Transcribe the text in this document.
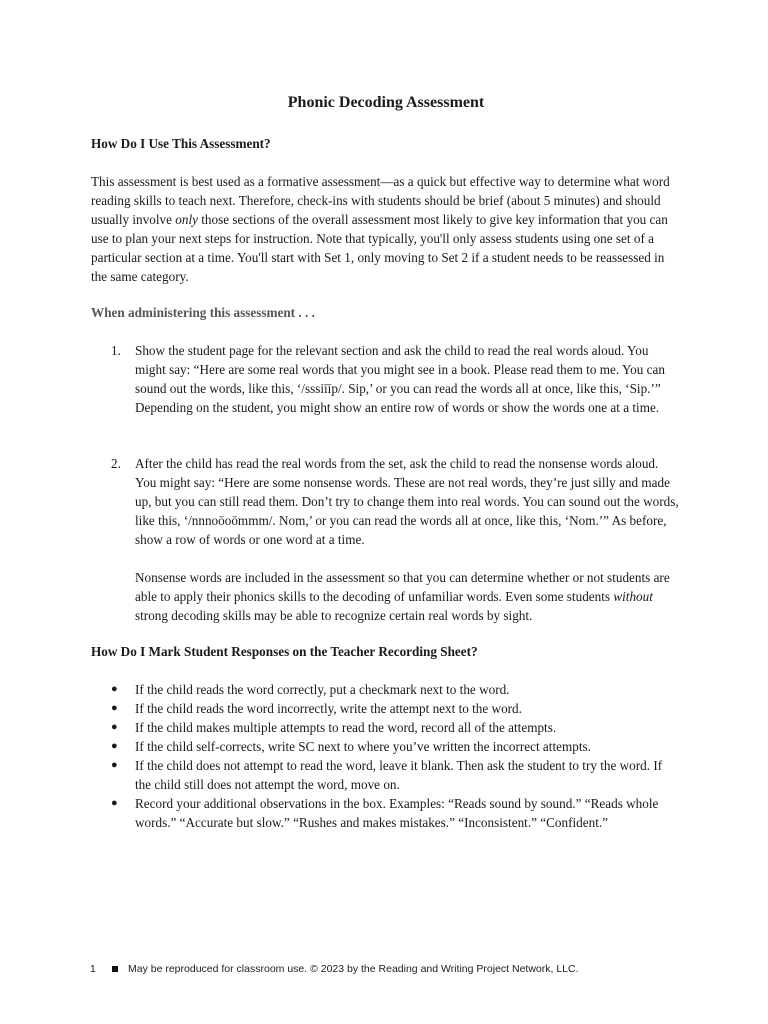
Phonic Decoding Assessment
How Do I Use This Assessment?

This assessment is best used as a formative assessment—as a quick but effective way to determine what word reading skills to teach next. Therefore, check-ins with students should be brief (about 5 minutes) and should usually involve only those sections of the overall assessment most likely to give key information that you can use to plan your next steps for instruction. Note that typically, you'll only assess students using one set of a particular section at a time. You'll start with Set 1, only moving to Set 2 if a student needs to be reassessed in the same category.

When administering this assessment . . .
1. Show the student page for the relevant section and ask the child to read the real words aloud. You might say: “Here are some real words that you might see in a book. Please read them to me. You can sound out the words, like this, ‘/sssiīīp/. Sip,’ or you can read the words all at once, like this, ‘Sip.’” Depending on the student, you might show an entire row of words or show the words one at a time.
2. After the child has read the real words from the set, ask the child to read the nonsense words aloud. You might say: “Here are some nonsense words. These are not real words, they’re just silly and made up, but you can still read them. Don’t try to change them into real words. You can sound out the words, like this, ‘/nnnoōoōmmm/. Nom,’ or you can read the words all at once, like this, ‘Nom.’” As before, show a row of words or one word at a time.

Nonsense words are included in the assessment so that you can determine whether or not students are able to apply their phonics skills to the decoding of unfamiliar words. Even some students without strong decoding skills may be able to recognize certain real words by sight.

How Do I Mark Student Responses on the Teacher Recording Sheet?
● If the child reads the word correctly, put a checkmark next to the word.
● If the child reads the word incorrectly, write the attempt next to the word.
● If the child makes multiple attempts to read the word, record all of the attempts.
● If the child self-corrects, write SC next to where you’ve written the incorrect attempts.
● If the child does not attempt to read the word, leave it blank. Then ask the student to try the word. If the child still does not attempt the word, move on.
● Record your additional observations in the box. Examples: “Reads sound by sound.” “Reads whole words.” “Accurate but slow.” “Rushes and makes mistakes.” “Inconsistent.” “Confident.”
1	May be reproduced for classroom use. © 2023 by the Reading and Writing Project Network, LLC.
